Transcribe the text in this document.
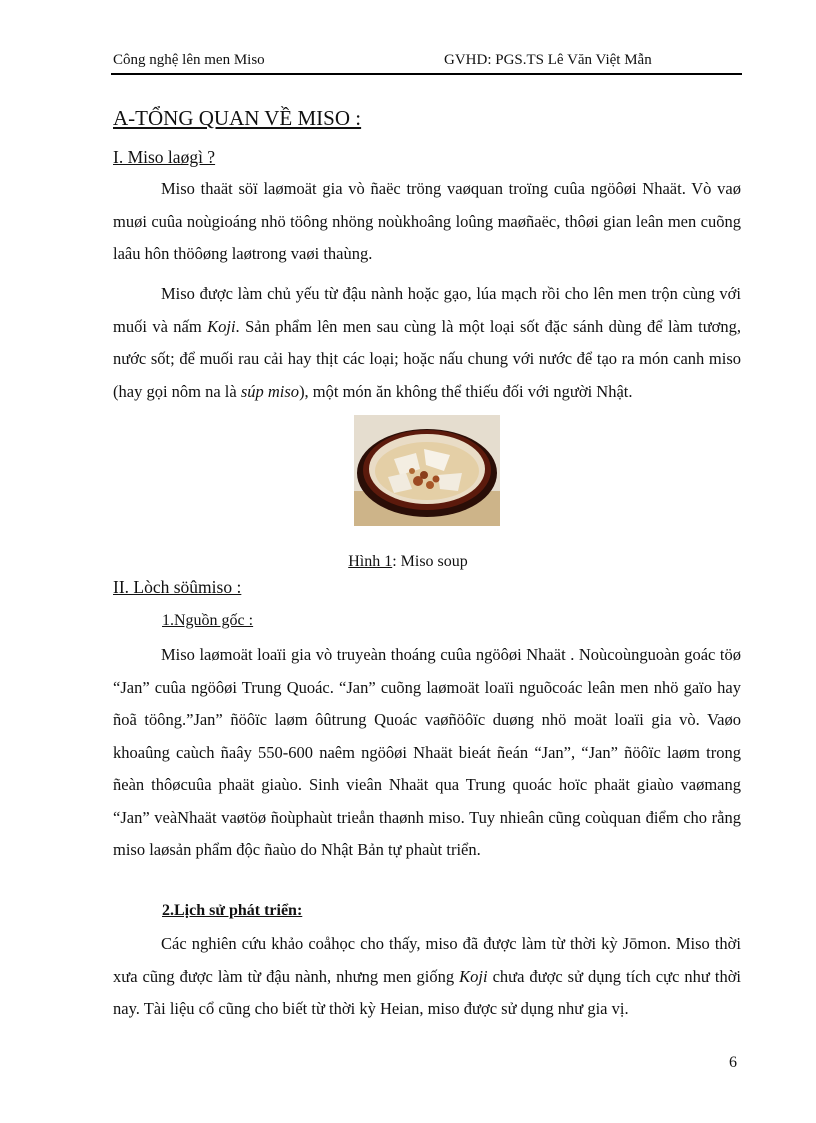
Công nghệ lên men Miso	GVHD: PGS.TS Lê Văn Việt Mẫn
A-TỔNG QUAN VỀ MISO :
I. Miso laøgì ?

Miso thaät söï laømoät gia vò ñaëc tröng vaøquan troïng cuûa ngöôøi Nhaät. Vò vaø muøi cuûa noùgioáng nhö töông nhöng noùkhoâng loûng maøñaëc, thôøi gian leân men cuõng laâu hôn thöôøng laøtrong vaøi thaùng.

Miso được làm chủ yếu từ đậu nành hoặc gạo, lúa mạch rồi cho lên men trộn cùng với muối và nấm Koji. Sản phẩm lên men sau cùng là một loại sốt đặc sánh dùng để làm tương, nước sốt; để muối rau cải hay thịt các loại; hoặc nấu chung với nước để tạo ra món canh miso (hay gọi nôm na là súp miso), một món ăn không thể thiếu đối với người Nhật.

Hình 1: Miso soup
II. Lòch söûmiso :
1.Nguồn gốc :

Miso laømoät loaïi gia vò truyeàn thoáng cuûa ngöôøi Nhaät . Noùcoùnguoàn goác töø “Jan” cuûa ngöôøi Trung Quoác. “Jan” cuõng laømoät loaïi nguõcoác leân men nhö gaïo hay ñoã töông.”Jan” ñöôïc laøm ôûtrung Quoác vaøñöôïc duøng nhö moät loaïi gia vò. Vaøo khoaûng caùch ñaây 550-600 naêm ngöôøi Nhaät bieát ñeán “Jan”, “Jan” ñöôïc laøm trong ñeàn thôøcuûa phaät giaùo. Sinh vieân Nhaät qua Trung quoác hoïc phaät giaùo vaømang “Jan” veàNhaät vaøtöø ñoùphaùt trieån thaønh miso. Tuy nhieân cũng coùquan điểm cho rằng miso laøsản phẩm độc ñaùo do Nhật Bản tự phaùt triển.

2.Lịch sử phát triển:

Các nghiên cứu khảo coåhọc cho thấy, miso đã được làm từ thời kỳ Jōmon. Miso thời xưa cũng được làm từ đậu nành, nhưng men giống Koji chưa được sử dụng tích cực như thời nay. Tài liệu cổ cũng cho biết từ thời kỳ Heian, miso được sử dụng như gia vị.

6
